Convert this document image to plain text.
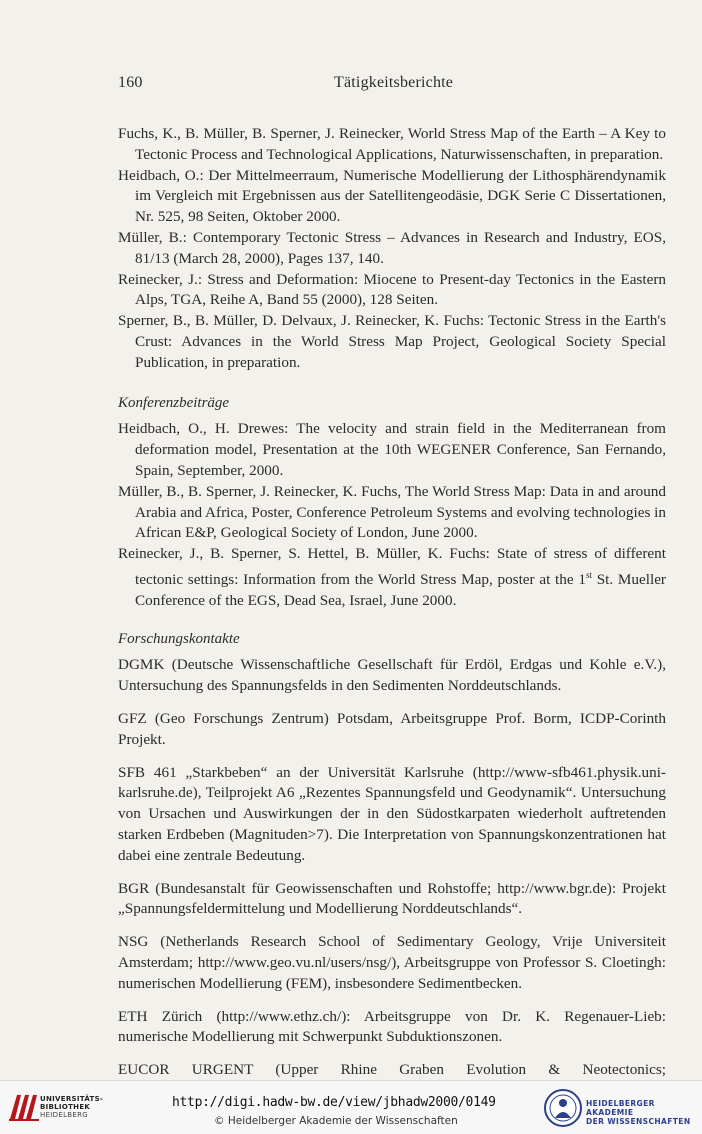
160	Tätigkeitsberichte

Fuchs, K., B. Müller, B. Sperner, J. Reinecker, World Stress Map of the Earth – A Key to Tectonic Process and Technological Applications, Naturwissenschaften, in preparation.

Heidbach, O.: Der Mittelmeerraum, Numerische Modellierung der Lithosphärendynamik im Vergleich mit Ergebnissen aus der Satellitengeodäsie, DGK Serie C Dissertationen, Nr. 525, 98 Seiten, Oktober 2000.

Müller, B.: Contemporary Tectonic Stress – Advances in Research and Industry, EOS, 81/13 (March 28, 2000), Pages 137, 140.

Reinecker, J.: Stress and Deformation: Miocene to Present-day Tectonics in the Eastern Alps, TGA, Reihe A, Band 55 (2000), 128 Seiten.

Sperner, B., B. Müller, D. Delvaux, J. Reinecker, K. Fuchs: Tectonic Stress in the Earth's Crust: Advances in the World Stress Map Project, Geological Society Special Publication, in preparation.

Konferenzbeiträge

Heidbach, O., H. Drewes: The velocity and strain field in the Mediterranean from deformation model, Presentation at the 10th WEGENER Conference, San Fernando, Spain, September, 2000.

Müller, B., B. Sperner, J. Reinecker, K. Fuchs, The World Stress Map: Data in and around Arabia and Africa, Poster, Conference Petroleum Systems and evolving technologies in African E&P, Geological Society of London, June 2000.

Reinecker, J., B. Sperner, S. Hettel, B. Müller, K. Fuchs: State of stress of different tectonic settings: Information from the World Stress Map, poster at the 1st St. Mueller Conference of the EGS, Dead Sea, Israel, June 2000.

Forschungskontakte

DGMK (Deutsche Wissenschaftliche Gesellschaft für Erdöl, Erdgas und Kohle e.V.), Untersuchung des Spannungsfelds in den Sedimenten Norddeutschlands.

GFZ (Geo Forschungs Zentrum) Potsdam, Arbeitsgruppe Prof. Borm, ICDP-Corinth Projekt.

SFB 461 „Starkbeben“ an der Universität Karlsruhe (http://www-sfb461.physik.uni-karlsruhe.de), Teilprojekt A6 „Rezentes Spannungsfeld und Geodynamik“. Untersuchung von Ursachen und Auswirkungen der in den Südostkarpaten wiederholt auftretenden starken Erdbeben (Magnituden>7). Die Interpretation von Spannungskonzentrationen hat dabei eine zentrale Bedeutung.

BGR (Bundesanstalt für Geowissenschaften und Rohstoffe; http://www.bgr.de): Projekt „Spannungsfeldermittelung und Modellierung Norddeutschlands“.

NSG (Netherlands Research School of Sedimentary Geology, Vrije Universiteit Amsterdam; http://www.geo.vu.nl/users/nsg/), Arbeitsgruppe von Professor S. Cloetingh: numerischen Modellierung (FEM), insbesondere Sedimentbecken.

ETH Zürich (http://www.ethz.ch/): Arbeitsgruppe von Dr. K. Regenauer-Lieb: numerische Modellierung mit Schwerpunkt Subduktionszonen.

EUCOR URGENT (Upper Rhine Graben Evolution & Neotectonics;

UNIVERSITÄTS-
BIBLIOTHEK
HEIDELBERG
http://digi.hadw-bw.de/view/jbhadw2000/0149
© Heidelberger Akademie der Wissenschaften
HEIDELBERGER AKADEMIE
DER WISSENSCHAFTEN
